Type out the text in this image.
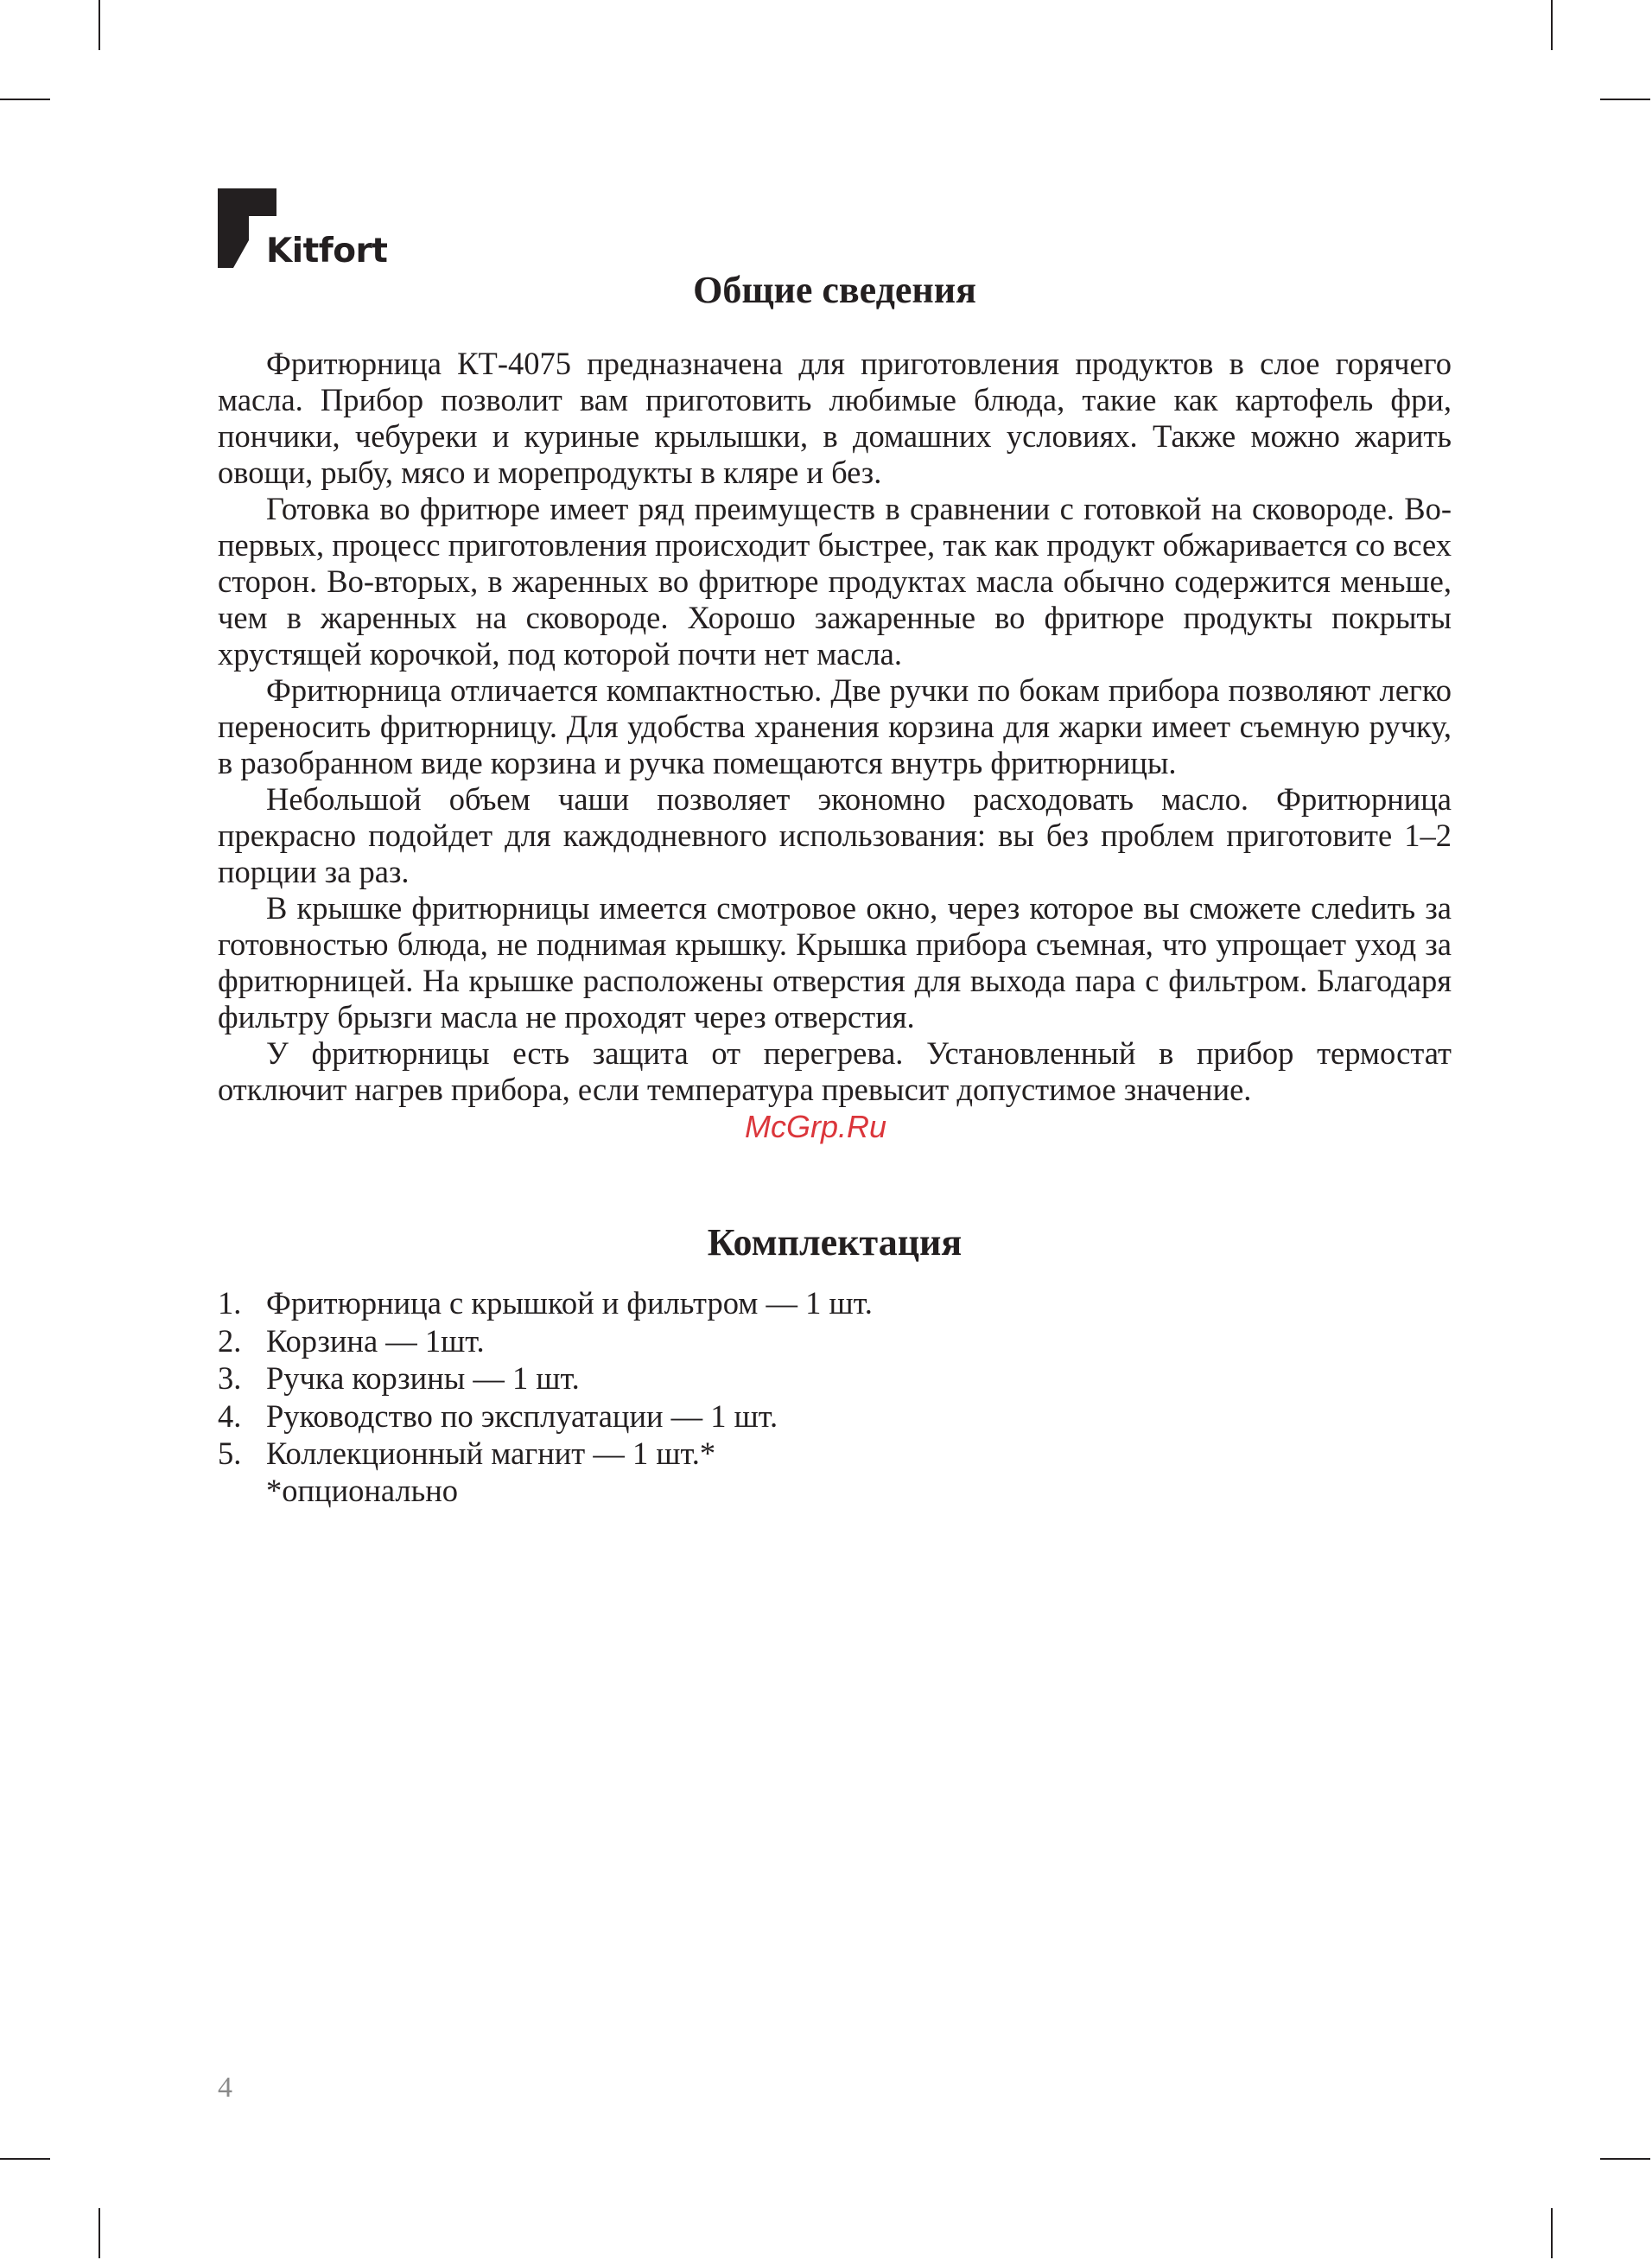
Kitfort
Общие сведения

Фритюрница КТ-4075 предназначена для приготовления продуктов в слое горячего масла. Прибор позволит вам приготовить любимые блюда, такие как картофель фри, пончики, чебуреки и куриные крылышки, в домашних условиях. Также можно жарить овощи, рыбу, мясо и морепродукты в кляре и без.

Готовка во фритюре имеет ряд преимуществ в сравнении с готовкой на сковороде. Во-первых, процесс приготовления происходит быстрее, так как продукт обжаривается со всех сторон. Во-вторых, в жаренных во фритюре продуктах масла обычно содержится меньше, чем в жаренных на сковороде. Хорошо зажаренные во фритюре продукты покрыты хрустящей корочкой, под которой почти нет масла.

Фритюрница отличается компактностью. Две ручки по бокам прибора позволяют легко переносить фритюрницу. Для удобства хранения корзина для жарки имеет съемную ручку, в разобранном виде корзина и ручка помещаются внутрь фритюрницы.

Небольшой объем чаши позволяет экономно расходовать масло. Фритюрница прекрасно подойдет для каждодневного использования: вы без проблем приготовите 1–2 порции за раз.

В крышке фритюрницы имеется смотровое окно, через которое вы сможете слеdить за готовностью блюда, не поднимая крышку. Крышка прибора съемная, что упрощает уход за фритюрницей. На крышке расположены отверстия для выхода пара с фильтром. Благодаря фильтру брызги масла не проходят через отверстия.

У фритюрницы есть защита от перегрева. Установленный в прибор термостат отключит нагрев прибора, если температура превысит допустимое значение.

McGrp.Ru
Комплектация
1. Фритюрница с крышкой и фильтром — 1 шт.
2. Корзина — 1шт.
3. Ручка корзины — 1 шт.
4. Руководство по эксплуатации — 1 шт.
5. Коллекционный магнит — 1 шт.*
*опционально
4
